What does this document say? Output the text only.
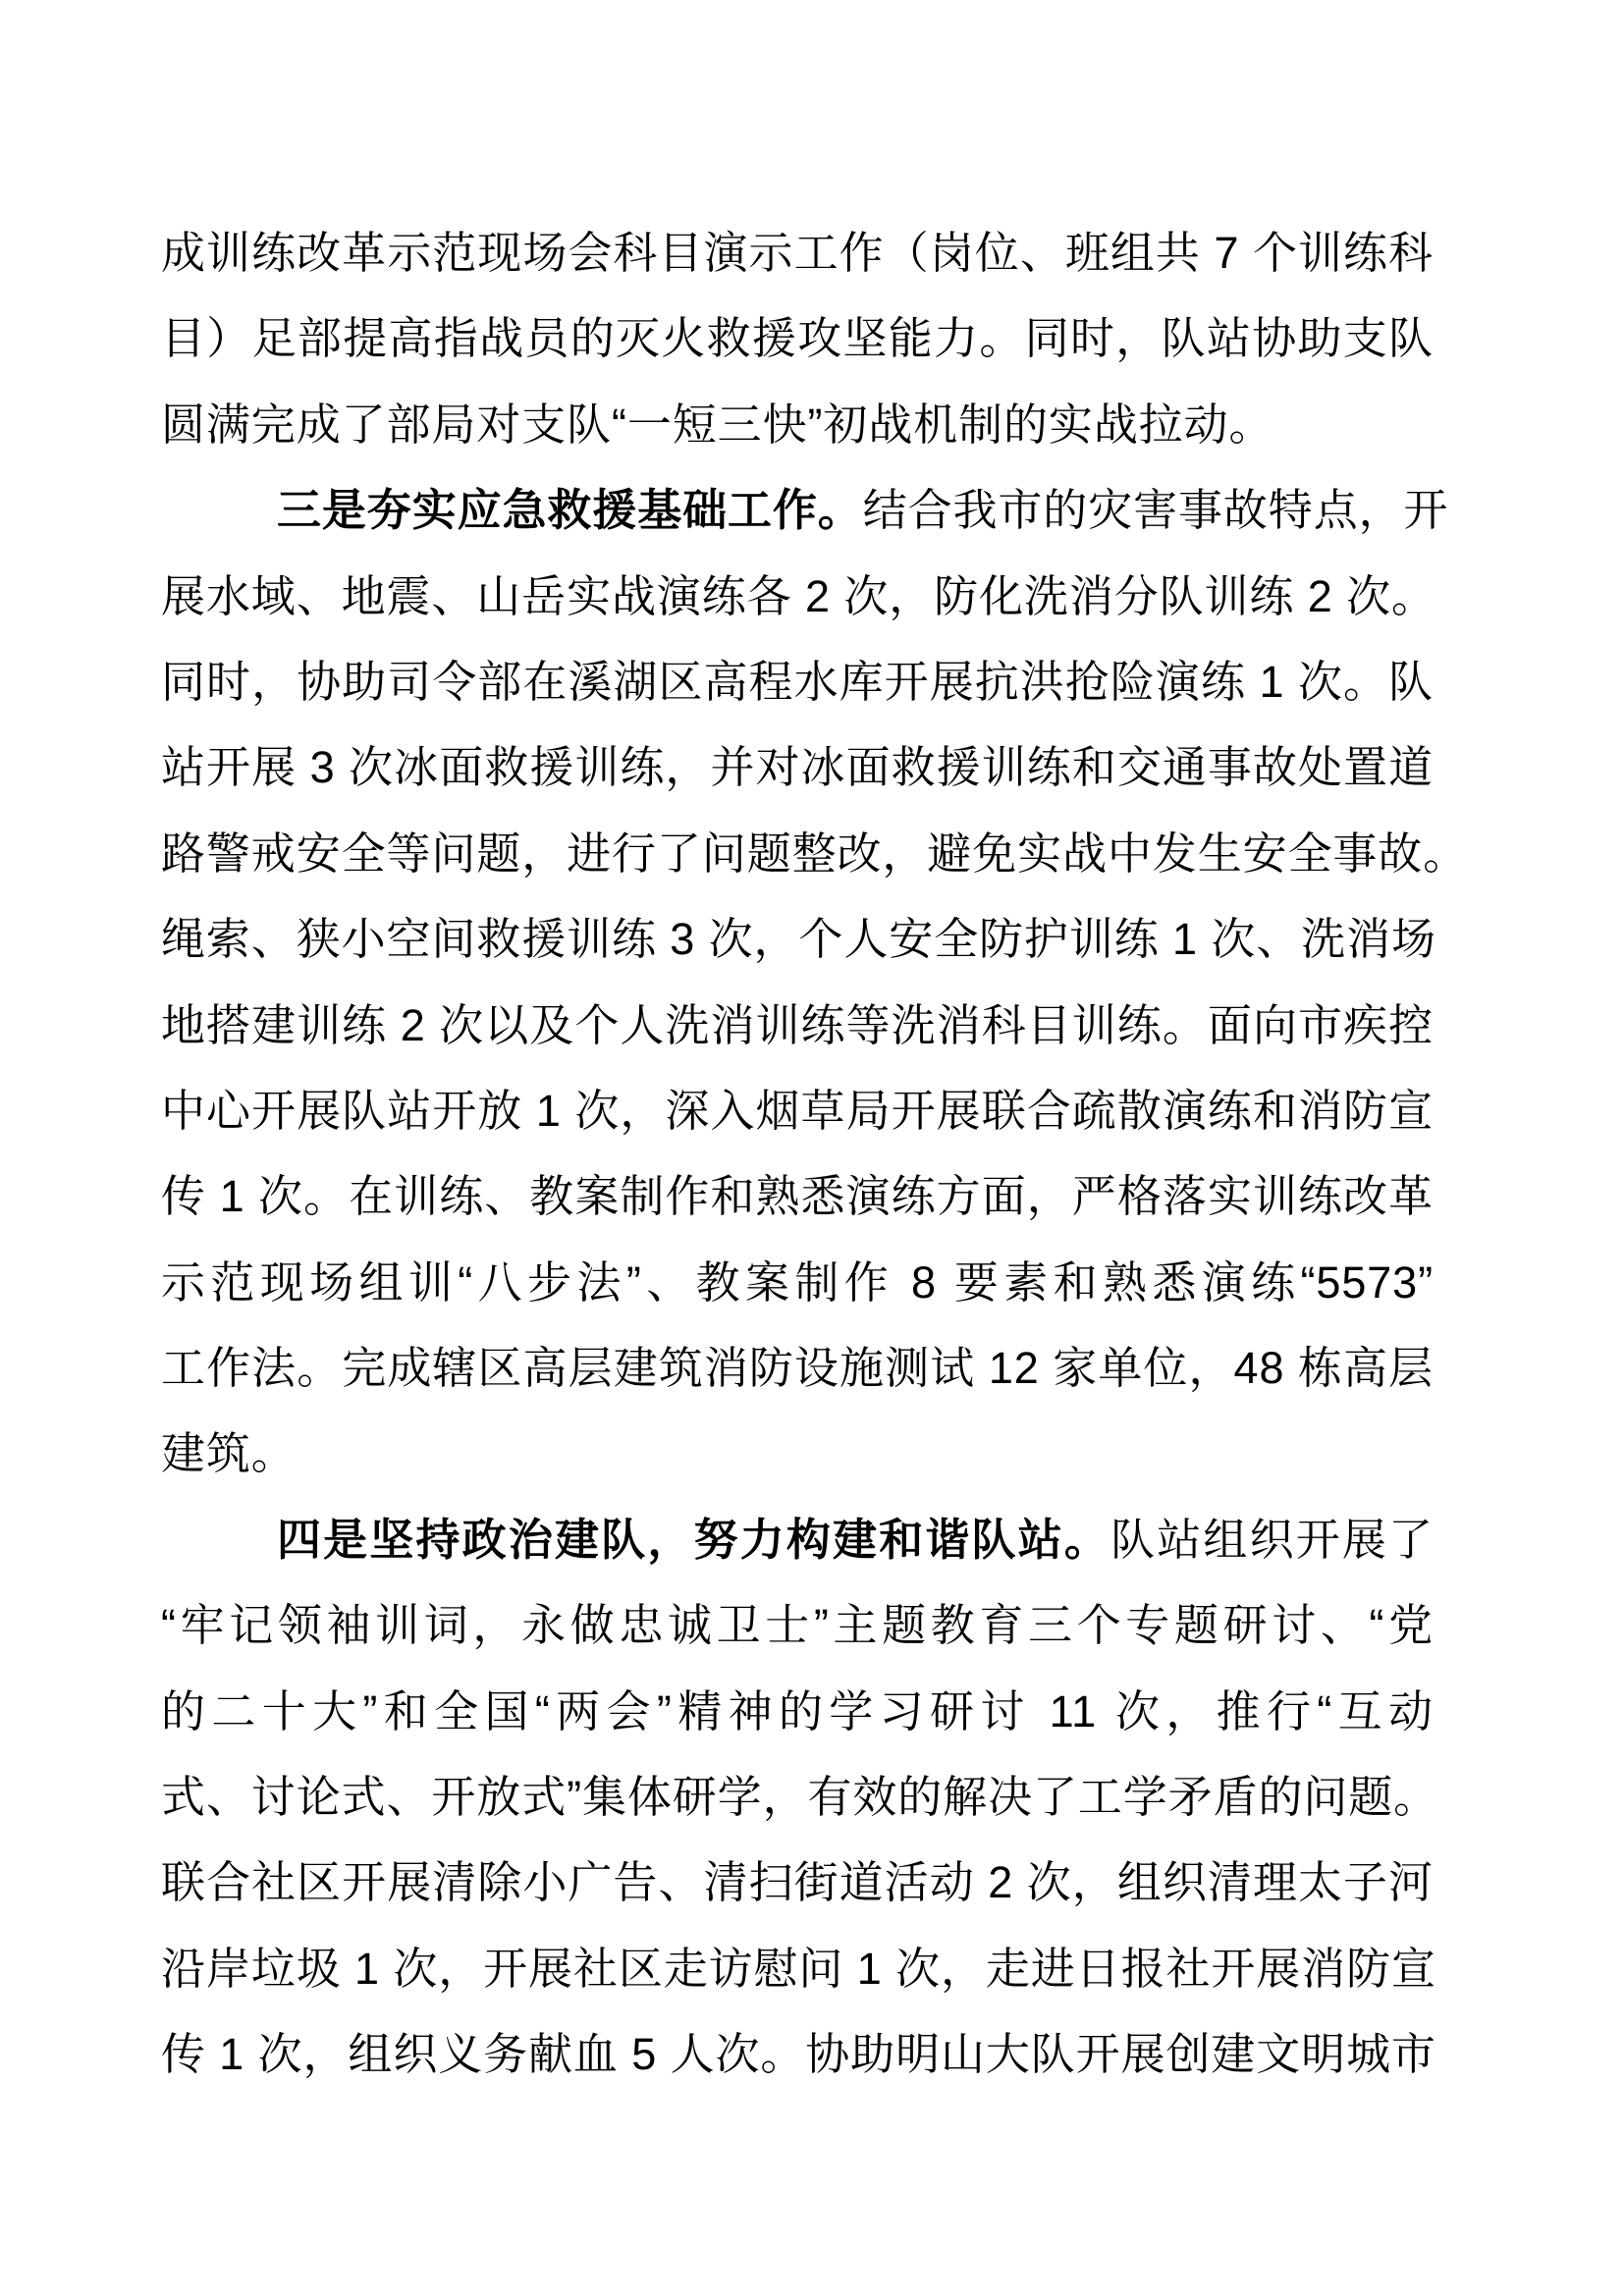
成训练改革示范现场会科目演示工作（岗位、班组共 7 个训练科
目）足部提高指战员的灭火救援攻坚能力。同时，队站协助支队
圆满完成了部局对支队“一短三快”初战机制的实战拉动。
三是夯实应急救援基础工作。结合我市的灾害事故特点，开
展水域、地震、山岳实战演练各 2 次，防化洗消分队训练 2 次。
同时，协助司令部在溪湖区高程水库开展抗洪抢险演练 1 次。队
站开展 3 次冰面救援训练，并对冰面救援训练和交通事故处置道
路警戒安全等问题，进行了问题整改，避免实战中发生安全事故。
绳索、狭小空间救援训练 3 次，个人安全防护训练 1 次、洗消场
地搭建训练 2 次以及个人洗消训练等洗消科目训练。面向市疾控
中心开展队站开放 1 次，深入烟草局开展联合疏散演练和消防宣
传 1 次。在训练、教案制作和熟悉演练方面，严格落实训练改革
示范现场组训“八步法”、教案制作 8 要素和熟悉演练“5573”
工作法。完成辖区高层建筑消防设施测试 12 家单位，48 栋高层
建筑。
四是坚持政治建队，努力构建和谐队站。队站组织开展了
“牢记领袖训词，永做忠诚卫士”主题教育三个专题研讨、“党
的二十大”和全国“两会”精神的学习研讨 11 次，推行“互动
式、讨论式、开放式”集体研学，有效的解决了工学矛盾的问题。
联合社区开展清除小广告、清扫街道活动 2 次，组织清理太子河
沿岸垃圾 1 次，开展社区走访慰问 1 次，走进日报社开展消防宣
传 1 次，组织义务献血 5 人次。协助明山大队开展创建文明城市
